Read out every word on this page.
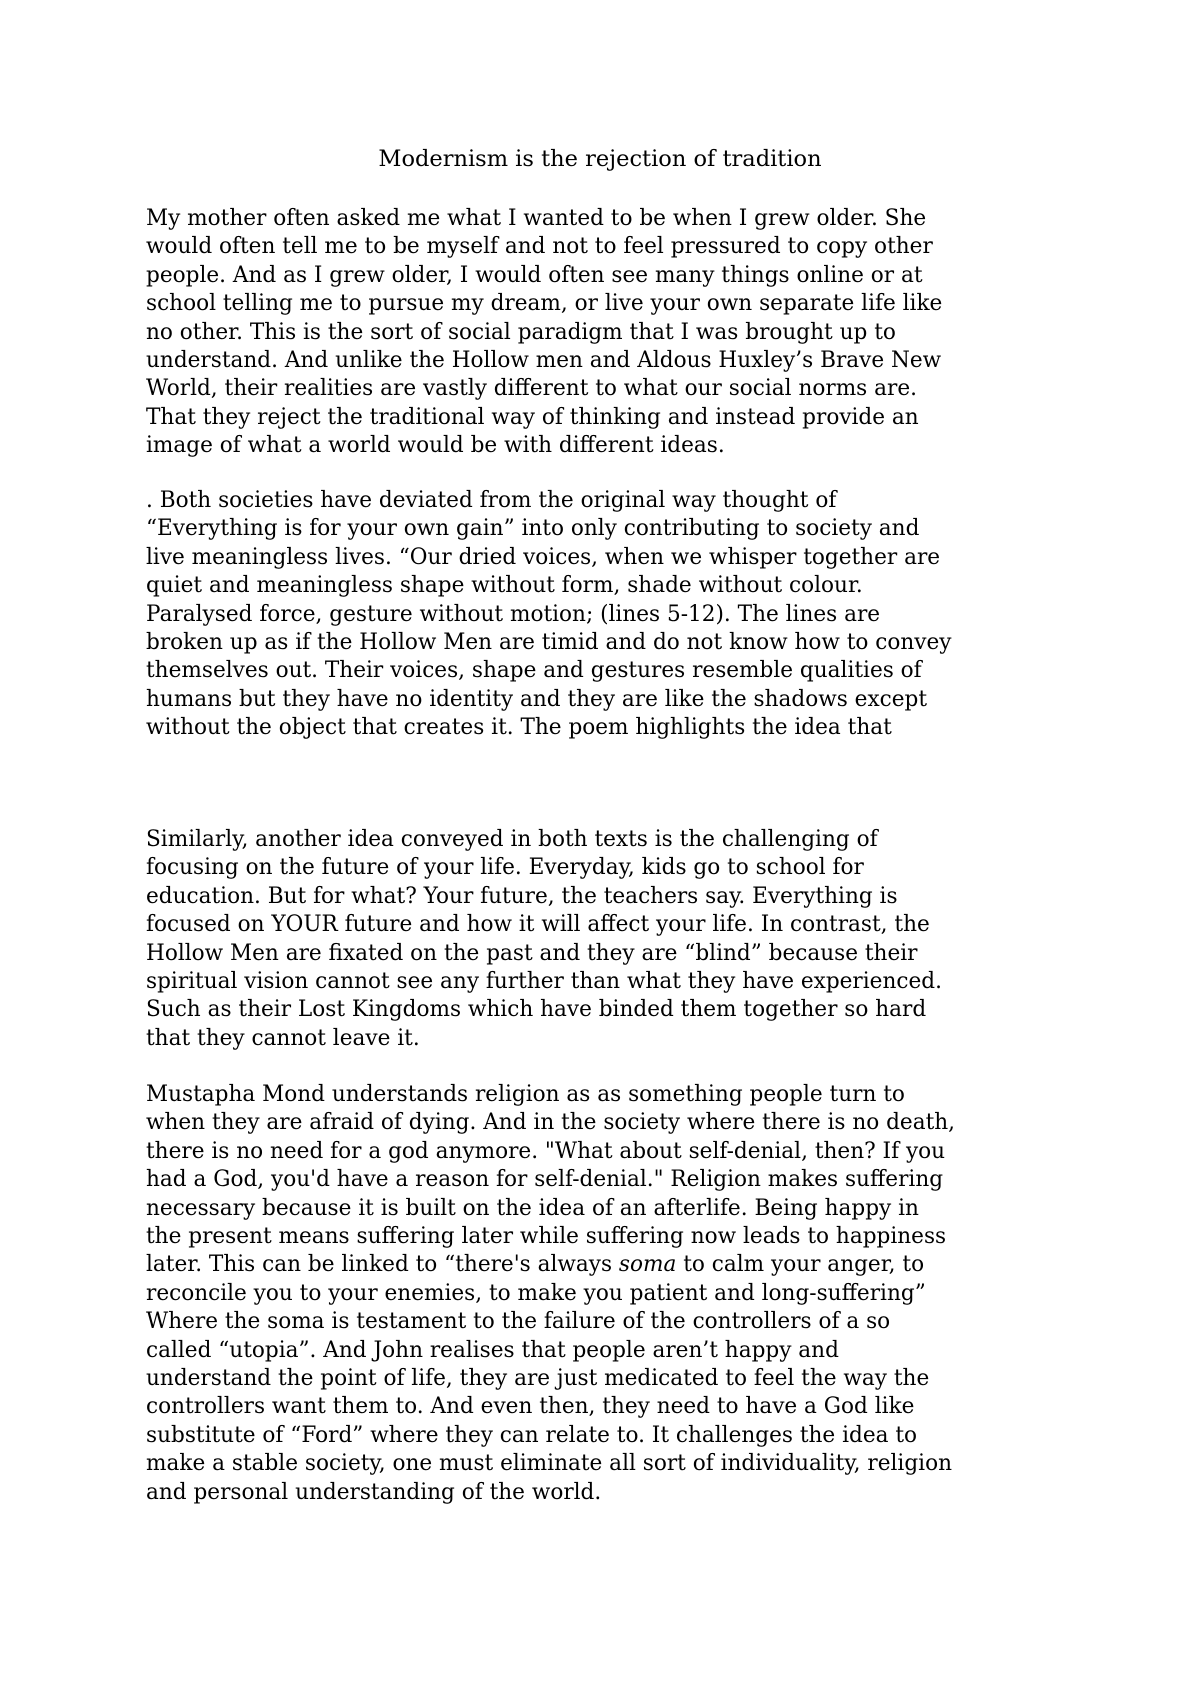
Modernism is the rejection of tradition
My mother often asked me what I wanted to be when I grew older. She
would often tell me to be myself and not to feel pressured to copy other
people. And as I grew older, I would often see many things online or at
school telling me to pursue my dream, or live your own separate life like
no other. This is the sort of social paradigm that I was brought up to
understand. And unlike the Hollow men and Aldous Huxley’s Brave New
World, their realities are vastly different to what our social norms are.
That they reject the traditional way of thinking and instead provide an
image of what a world would be with different ideas.
. Both societies have deviated from the original way thought of
“Everything is for your own gain” into only contributing to society and
live meaningless lives. “Our dried voices, when we whisper together are
quiet and meaningless shape without form, shade without colour.
Paralysed force, gesture without motion; (lines 5-12). The lines are
broken up as if the Hollow Men are timid and do not know how to convey
themselves out. Their voices, shape and gestures resemble qualities of
humans but they have no identity and they are like the shadows except
without the object that creates it. The poem highlights the idea that
Similarly, another idea conveyed in both texts is the challenging of
focusing on the future of your life. Everyday, kids go to school for
education. But for what? Your future, the teachers say. Everything is
focused on YOUR future and how it will affect your life. In contrast, the
Hollow Men are fixated on the past and they are “blind” because their
spiritual vision cannot see any further than what they have experienced.
Such as their Lost Kingdoms which have binded them together so hard
that they cannot leave it.
Mustapha Mond understands religion as as something people turn to
when they are afraid of dying. And in the society where there is no death,
there is no need for a god anymore. "What about self-denial, then? If you
had a God, you'd have a reason for self-denial." Religion makes suffering
necessary because it is built on the idea of an afterlife. Being happy in
the present means suffering later while suffering now leads to happiness
later. This can be linked to “there's always soma to calm your anger, to
reconcile you to your enemies, to make you patient and long-suffering”
Where the soma is testament to the failure of the controllers of a so
called “utopia”. And John realises that people aren’t happy and
understand the point of life, they are just medicated to feel the way the
controllers want them to. And even then, they need to have a God like
substitute of “Ford” where they can relate to. It challenges the idea to
make a stable society, one must eliminate all sort of individuality, religion
and personal understanding of the world.
